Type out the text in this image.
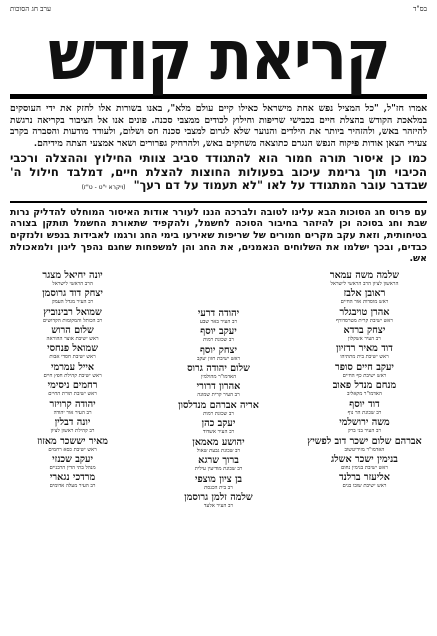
בס"ד
ערב חג הסוכות
קריאת קודש
אמרו חז"ל, "כל המציל נפש אחת מישראל כאילו קיים עולם מלא", באנו בשורות אלו לחזק את ידי העוסקים במלאכת הקודש בהצלת חיים בכבישי שריפות וחילוץ לכודים ממצבי סכנה. פונים אנו אל הציבור בקריאה נרגשת להיזהר באש, ולהזהיר ביותר את הילדים והנוער שלא לגרום למצבי סכנה חס ושלום, ולעודד מודעות והסברה בקרב צעירי הצאן אודות פיקוח הנפש הנגרם כתוצאה משחקים באש, ולהרחיק גפרורים ושאר אמצעי הצתה מידיהם.
כמו כן איסור תורה חמור הוא להתגודד סביב צוותי החילוץ וההצלה ורכבי הכיבוי תוך גרימת עיכוב בפעולות החוצות להצלת חיים, דמלבד חילול ה' שבדבר עובר המתגודד על לאו "לא תעמוד על דם רעך" (ויקרא י"ט - ט"ז)
עם פרוס חג הסוכות הבא עלינו לטובה ולברכה הננו לעורר אודות האיסור המוחלט להדליק נרות שבת וחג בסוכה וכן להיזהר בחיבור הסוכה לחשמל, ולהקפיד שתאורת החשמל תותקן בצורה בטיחותית, וזאת עקב מקרים חמורים של שריפות שאירעו בימי החג ורגמו לאבידות בנפש ולנזקים כבדים, ובכך ישלמו את השלוחים הנאמנים, את החג והן למשפחות שחגם נהפך ליגון ולמאכולת אש.
שלמה משה עמאר
הראשון לציון הרב הראשי לישראל
ראובן אלבז
ראש מוסדות אור החיים
אהרן טויבגלר
ראש ישיבת קרית מטרסדורף
יצחק ברדא
רב העיר אשקלון
דוד מאיר רדזיון
ראש ישיבת בית מתתיהו
יעקב חיים סופר
ראש ישיבת כף החיים
מנחם מנדל פאוב
האדמו"ר מקאליב
דוד יוסף
רב שכונת הר נוף
משה ירושלמי
רב העיר בני ברק
אברהם שלום ישכר דוב לפשיץ
האדמו"ר מזידיטשוב
בנימין ישכר אשלג
ראש ישיבת בנימין נחום
אליעזר ברלנד
ראש ישיבת שובו בנים
יהודה דרעי
רב העיר באר שבע
יעקב יוסף
רב שכונת רמות
יצחק יוסף
ראש ישיבת חזון יעקב
שלום יהודה גרוס
האדמו"ר מהולמין
אהרון דרורי
רב העיר קרית שמונה
אריה אברהם מנדלסון
רב שכונת רמות
יעקב כהן
רב העיר אשדוד
יהושע מאמאן
רב שכונת גבעת שאול
ברוך שרגא
רב שכונת מודיעין עילית
בן ציון מוצפי
רב בית הכנסת
שלמה זלמן גרוסמן
רב העיר אלעד
יונה יחיאל מצגר
הרב הראשי לישראל
יצחק דוד גרוסמן
רב העיר מגדל העמק
שמואל רבינוביץ
רב הכותל והמקומות הקדושים
שלום הרוש
ראש ישיבת אוצר ההוראה
שמואל פנחסי
ראש ישיבת חסדי אבות
אייל עמרמי
ראש ישיבת קהילת חפץ חיים
רחמים ניסימי
ראש ישיבת תורת החיים
יהודה קרויזר
רב העיר אור יהודה
יונה דבלין
רב קהילת ראשון לציון
מאיר יששכר מאזוז
ראש ישיבת כסא רחמים
יעקב שכנזי
מנהל בתי הדין הרבניים
מרדכי נגארי
רב העיר מעלה אדומים
